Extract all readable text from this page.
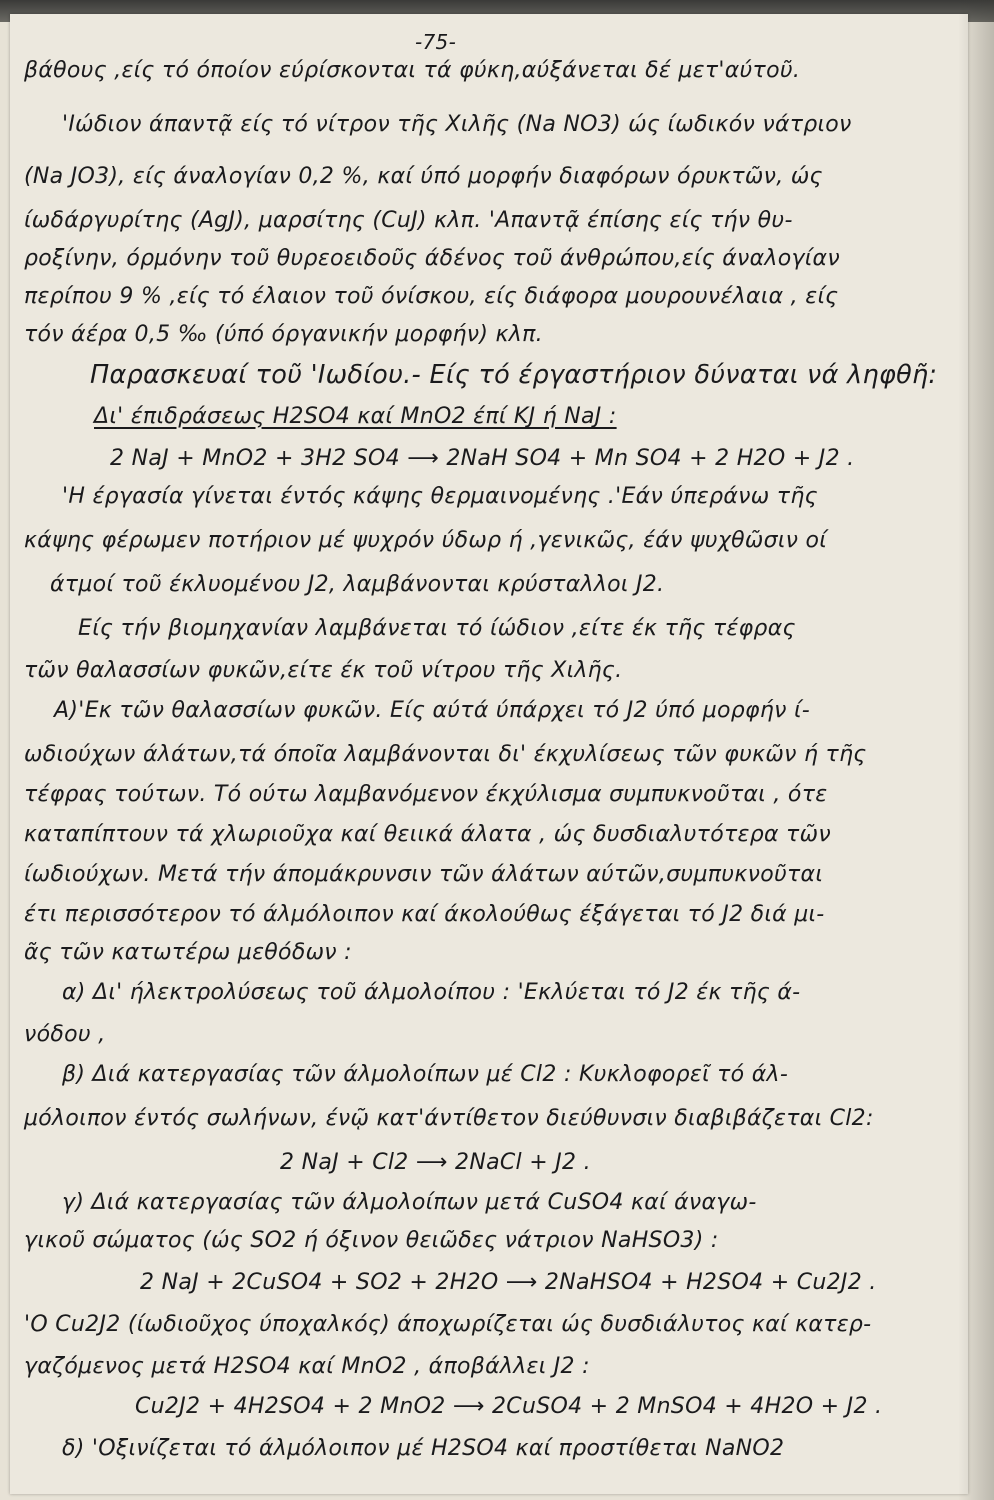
-75-
βάθους ,είς τό όποίον εύρίσκονται τά φύκη,αύξάνεται δέ μετ'αύτοῦ.
'Ιώδιον άπαντᾷ είς τό νίτρον τῆς Χιλῆς (Na NO3) ώς ίωδικόν νάτριον
(Na JO3), είς άναλογίαν 0,2 %, καί ύπό μορφήν διαφόρων όρυκτῶν, ώς
ίωδάργυρίτης (AgJ), μαρσίτης (CuJ) κλπ. 'Απαντᾷ έπίσης είς τήν θυ-
ροξίνην, όρμόνην τοῦ θυρεοειδοῦς άδένος τοῦ άνθρώπου,είς άναλογίαν
περίπου 9 % ,είς τό έλαιον τοῦ όνίσκου, είς διάφορα μουρουνέλαια , είς
τόν άέρα 0,5 ‰ (ύπό όργανικήν μορφήν) κλπ.
Παρασκευαί τοῦ 'Ιωδίου.- Είς τό έργαστήριον δύναται νά ληφθῆ:
Δι' έπιδράσεως H2SO4 καί MnO2 έπί KJ ή NaJ :
2 NaJ + MnO2 + 3H2 SO4 ⟶ 2NaH SO4 + Mn SO4 + 2 H2O + J2 .
'Η έργασία γίνεται έντός κάψης θερμαινομένης .'Εάν ύπεράνω τῆς
κάψης φέρωμεν ποτήριον μέ ψυχρόν ύδωρ ή ,γενικῶς, έάν ψυχθῶσιν οί
άτμοί τοῦ έκλυομένου J2, λαμβάνονται κρύσταλλοι J2.
Είς τήν βιομηχανίαν λαμβάνεται τό ίώδιον ,είτε έκ τῆς τέφρας
τῶν θαλασσίων φυκῶν,είτε έκ τοῦ νίτρου τῆς Χιλῆς.
A)'Εκ τῶν θαλασσίων φυκῶν. Είς αύτά ύπάρχει τό J2 ύπό μορφήν ί-
ωδιούχων άλάτων,τά όποῖα λαμβάνονται δι' έκχυλίσεως τῶν φυκῶν ή τῆς
τέφρας τούτων. Τό ούτω λαμβανόμενον έκχύλισμα συμπυκνοῦται , ότε
καταπίπτουν τά χλωριοῦχα καί θειικά άλατα , ώς δυσδιαλυτότερα τῶν
ίωδιούχων. Μετά τήν άπομάκρυνσιν τῶν άλάτων αύτῶν,συμπυκνοῦται
έτι περισσότερον τό άλμόλοιπον καί άκολούθως έξάγεται τό J2 διά μι-
ᾶς τῶν κατωτέρω μεθόδων :
α) Δι' ήλεκτρολύσεως τοῦ άλμολοίπου : 'Εκλύεται τό J2 έκ τῆς ά-
νόδου ,
β) Διά κατεργασίας τῶν άλμολοίπων μέ Cl2 : Κυκλοφορεῖ τό άλ-
μόλοιπον έντός σωλήνων, ένῷ κατ'άντίθετον διεύθυνσιν διαβιβάζεται Cl2:
2 NaJ + Cl2 ⟶ 2NaCl + J2 .
γ) Διά κατεργασίας τῶν άλμολοίπων μετά CuSO4 καί άναγω-
γικοῦ σώματος (ώς SO2 ή όξινον θειῶδες νάτριον NaHSO3) :
2 NaJ + 2CuSO4 + SO2 + 2H2O ⟶ 2NaHSO4 + H2SO4 + Cu2J2 .
'Ο Cu2J2 (ίωδιοῦχος ύποχαλκός) άποχωρίζεται ώς δυσδιάλυτος καί κατερ-
γαζόμενος μετά H2SO4 καί MnO2 , άποβάλλει J2 :
Cu2J2 + 4H2SO4 + 2 MnO2 ⟶ 2CuSO4 + 2 MnSO4 + 4H2O + J2 .
δ) 'Οξινίζεται τό άλμόλοιπον μέ H2SO4 καί προστίθεται NaNO2
